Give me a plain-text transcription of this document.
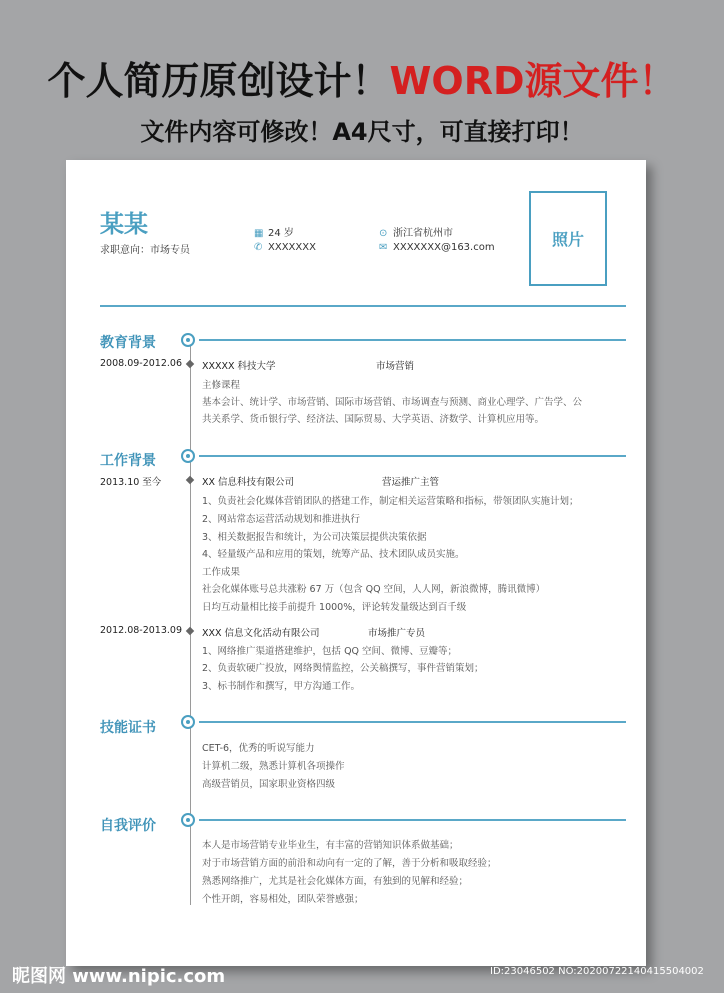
个人简历原创设计！WORD源文件！
文件内容可修改！A4尺寸，可直接打印！
某某
求职意向：市场专员
▦ 24 岁
✆ XXXXXXX
⊙ 浙江省杭州市
✉ XXXXXXX@163.com	照片
教育背景
2008.09-2012.06 XXXXX 科技大学	市场营销
主修课程
基本会计、统计学、市场营销、国际市场营销、市场调查与预测、商业心理学、广告学、公
共关系学、货币银行学、经济法、国际贸易、大学英语、济数学、计算机应用等。
工作背景
2013.10 至今	XX 信息科技有限公司	营运推广主管
1、负责社会化媒体营销团队的搭建工作，制定相关运营策略和指标，带领团队实施计划；
2、网站常态运营活动规划和推进执行
3、相关数据报告和统计，为公司决策层提供决策依据
4、轻量级产品和应用的策划，统筹产品、技术团队成员实施。
工作成果
社会化媒体账号总共涨粉 67 万（包含 QQ 空间，人人网，新浪微博，腾讯微博）
日均互动量相比接手前提升 1000%，评论转发量级达到百千级
2012.08-2013.09 XXX 信息文化活动有限公司	市场推广专员
1、网络推广渠道搭建维护，包括 QQ 空间、微博、豆瓣等；
2、负责软硬广投放，网络舆情监控，公关稿撰写，事件营销策划；
3、标书制作和撰写，甲方沟通工作。
技能证书
CET-6，优秀的听说写能力
计算机二级，熟悉计算机各项操作
高级营销员，国家职业资格四级
自我评价
本人是市场营销专业毕业生，有丰富的营销知识体系做基础；
对于市场营销方面的前沿和动向有一定的了解，善于分析和吸取经验；
熟悉网络推广，尤其是社会化媒体方面，有独到的见解和经验；
个性开朗，容易相处，团队荣誉感强；
昵图网 www.nipic.com	ID:23046502 NO:20200722140415504002
